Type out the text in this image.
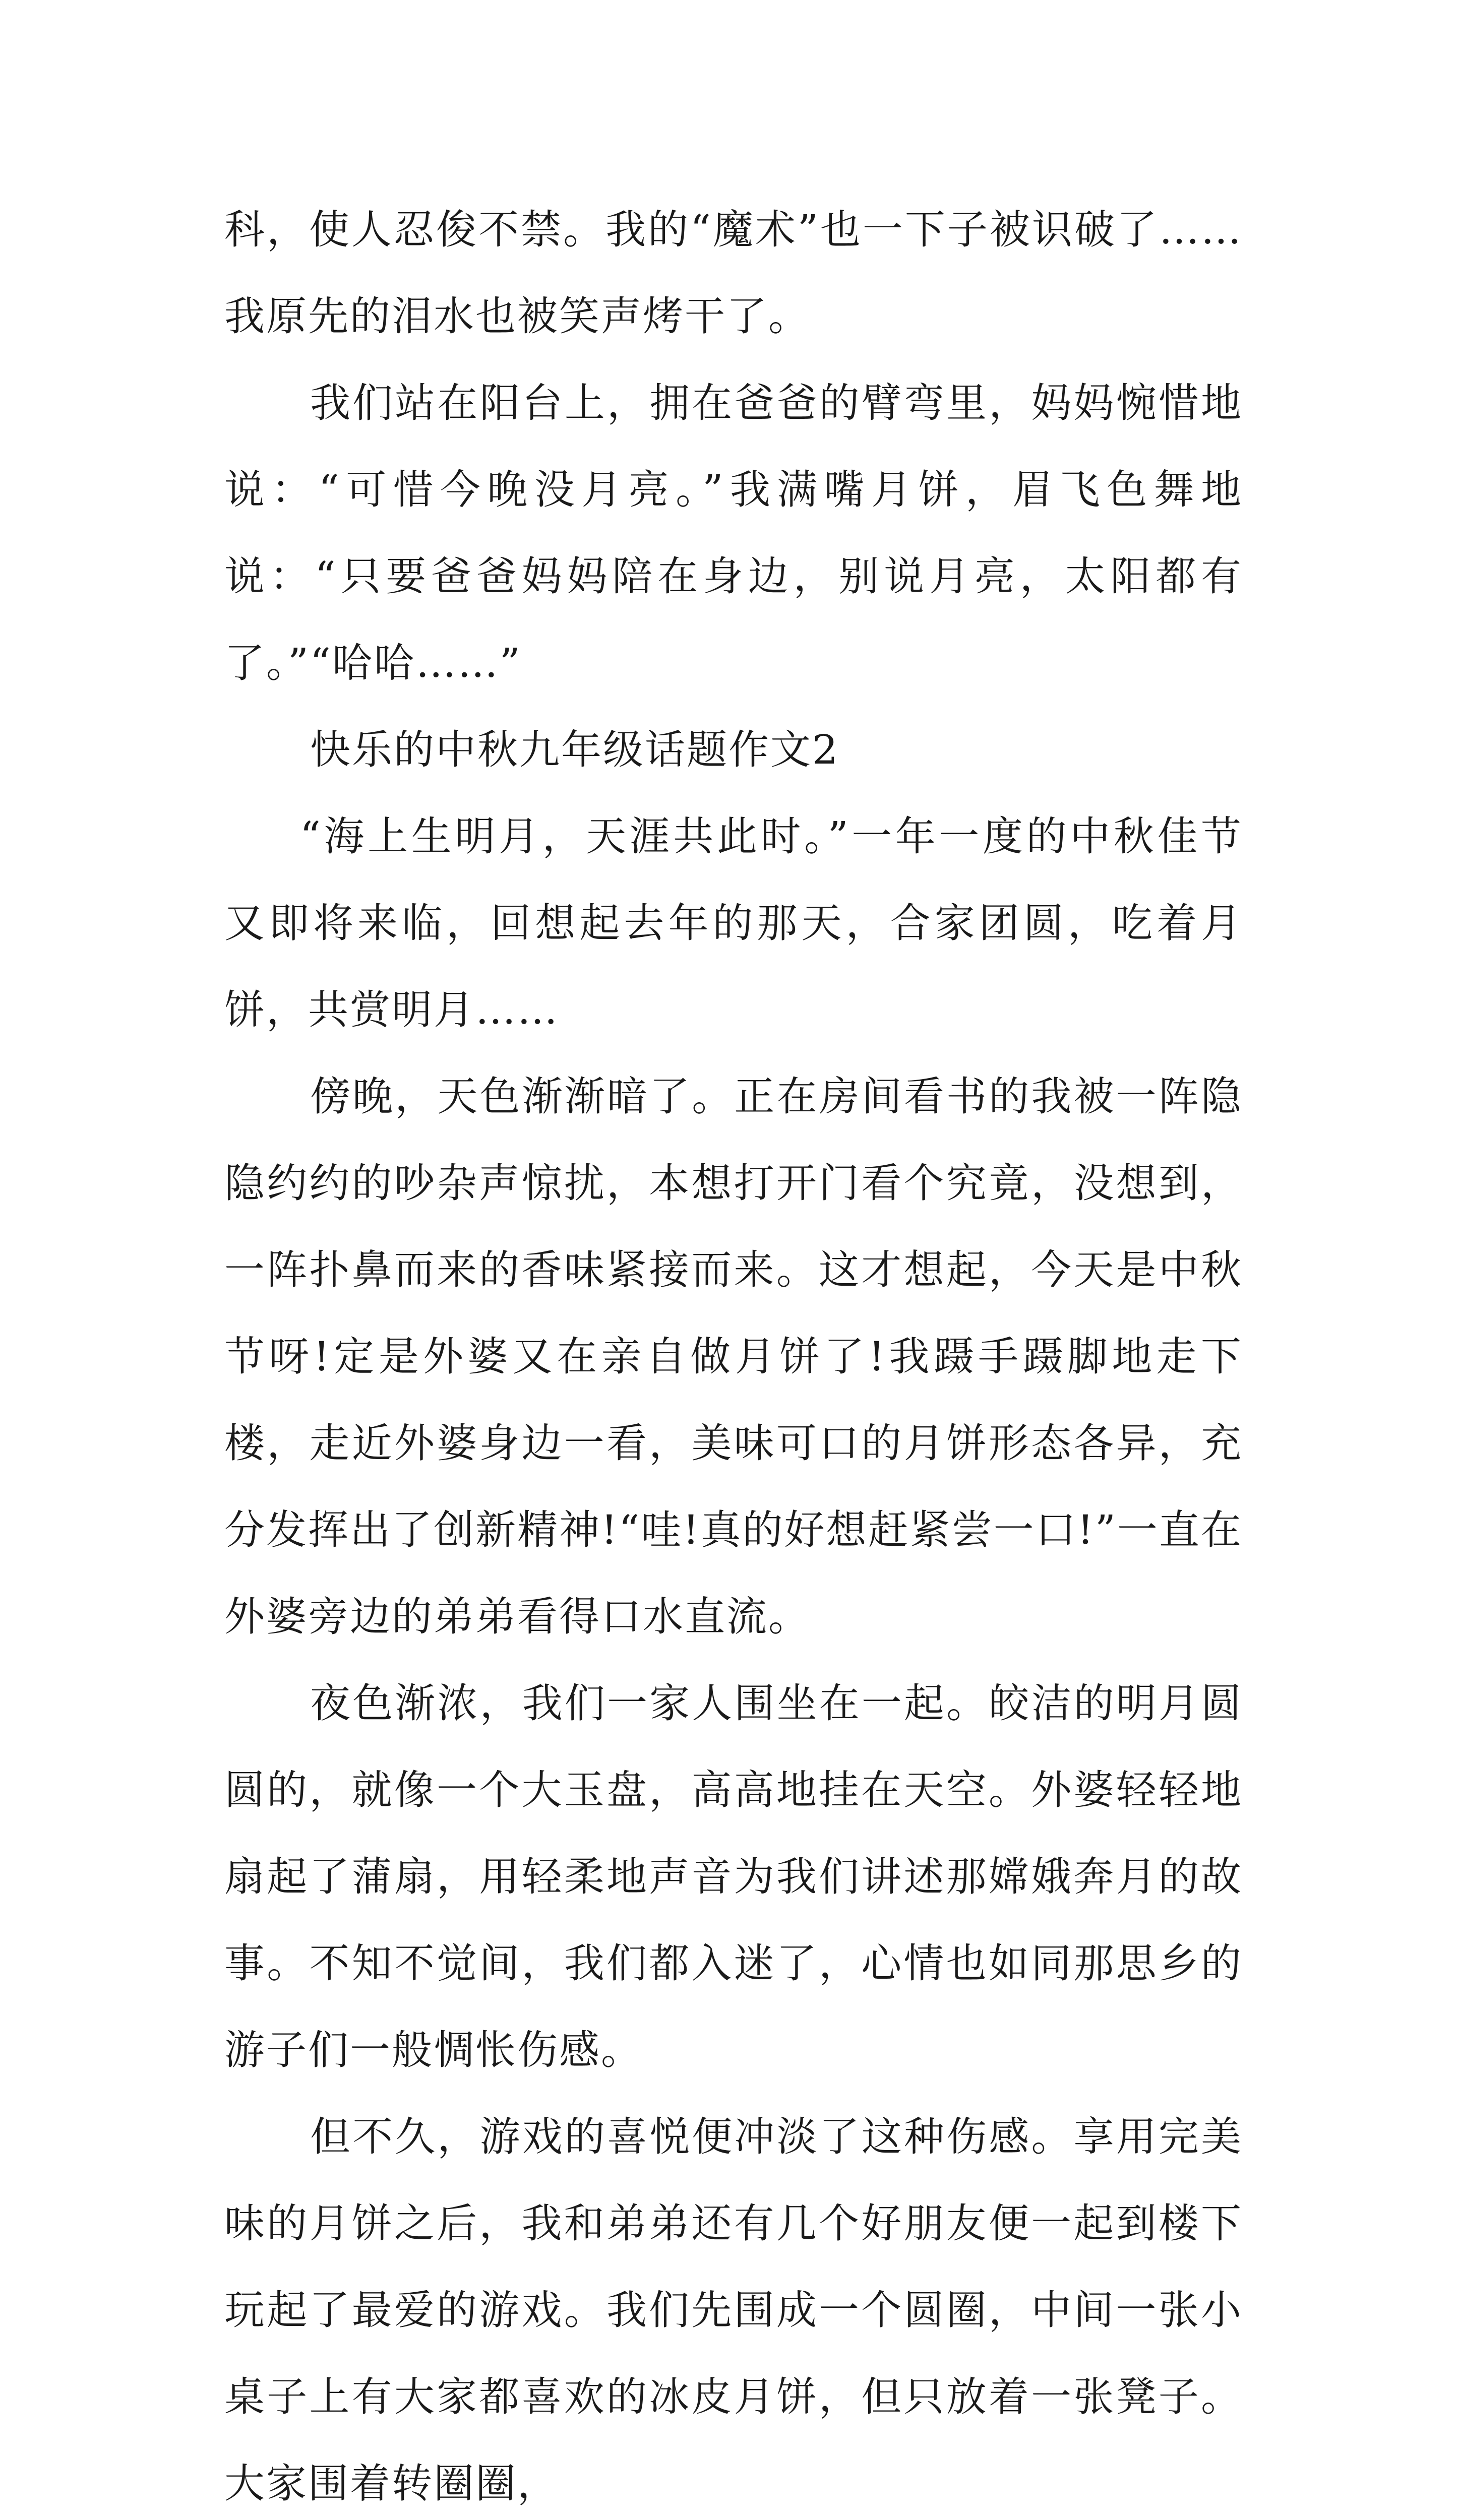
科，使人忍俊不禁。我的“魔术”也一下子被识破了……我原先的泪水也被笑声烤干了。

我们站在阳台上，拥在爸爸的臂弯里，妈妈惋惜地说：“可惜今晚没月亮。”我满嘴月饼，眉飞色舞地说：“只要爸爸妈妈陪在身边，别说月亮，太阳都有了。”“哈哈……”

快乐的中秋九年级话题作文2

“海上生明月，天涯共此时。”一年一度的中秋佳节又即将来临，回想起去年的那天，合家团圆，吃着月饼，共赏明月……

傍晚，天色渐渐暗了。正在房间看书的我被一阵隐隐约约的吵杂声惊扰，本想打开门看个究竟，没想到，一阵扑鼻而来的香味紧接而来。这才想起，今天是中秋节呀!定是外婆又在亲自做月饼了!我蹑手蹑脚地走下楼，走近外婆身边一看，美味可口的月饼形态各异，充分发挥出了创新精神!“哇!真的好想赶紧尝一口!”一直在外婆旁边的弟弟看得口水直流。

夜色渐浓，我们一家人围坐在一起。皎洁的明月圆圆的，就像一个大玉盘，高高地挂在天空。外婆轻轻地扇起了蒲扇，用轻柔地声音为我们讲述那嫦娥奔月的故事。不知不觉间，我们都入迷了，心情也如同那思乡的游子们一般惆怅伤感。

但不久，游戏的喜悦便冲淡了这种伤感。享用完美味的月饼之后，我和弟弟还有几个好朋友便一起到楼下玩起了最爱的游戏。我们先围成一个圆圈，中间一张小桌子上有大家都喜欢的冰皮月饼，但只放着一张凳子。大家围着转圈圈，
